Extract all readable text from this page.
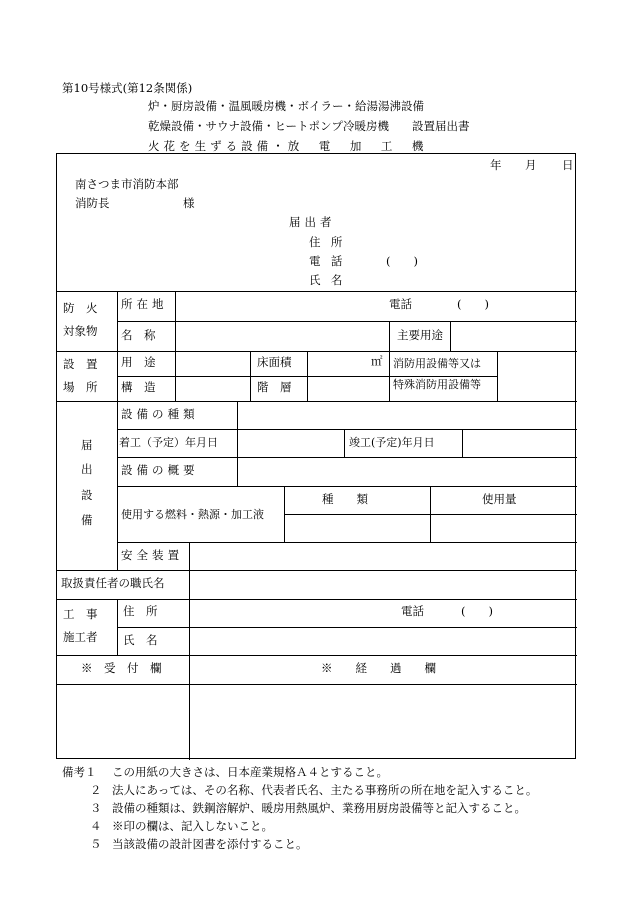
第10号様式(第12条関係)
炉・厨房設備・温風暖房機・ボイラー・給湯湯沸設備
乾燥設備・サウナ設備・ヒートポンプ冷暖房機　　設置届出書
火花を生ずる設備・放　電　加　工　機
年 月 日
南さつま市消防本部
消防長	様
届出者
住所
電話	(　　)
氏名
防　火
対象物
所在地	電話	(　　)
名　称	主要用途
設　置
場　所
用　途	床面積	㎡ 消防用設備等又は
特殊消防用設備等
構　造	階　層
届
出
設
備
設備の種類
着工（予定）年月日	竣工(予定)年月日
設備の概要
使用する燃料・熱源・加工液
種　　類	使用量
安全装置
取扱責任者の職氏名
工　事
施工者
住　所	電話	(　　)
氏　名
※　受　付　欄	※　　経　　過　　欄
備考１ この用紙の大きさは、日本産業規格Ａ４とすること。
２ 法人にあっては、その名称、代表者氏名、主たる事務所の所在地を記入すること。
３ 設備の種類は、鉄鋼溶解炉、暖房用熱風炉、業務用厨房設備等と記入すること。
４ ※印の欄は、記入しないこと。
５ 当該設備の設計図書を添付すること。
